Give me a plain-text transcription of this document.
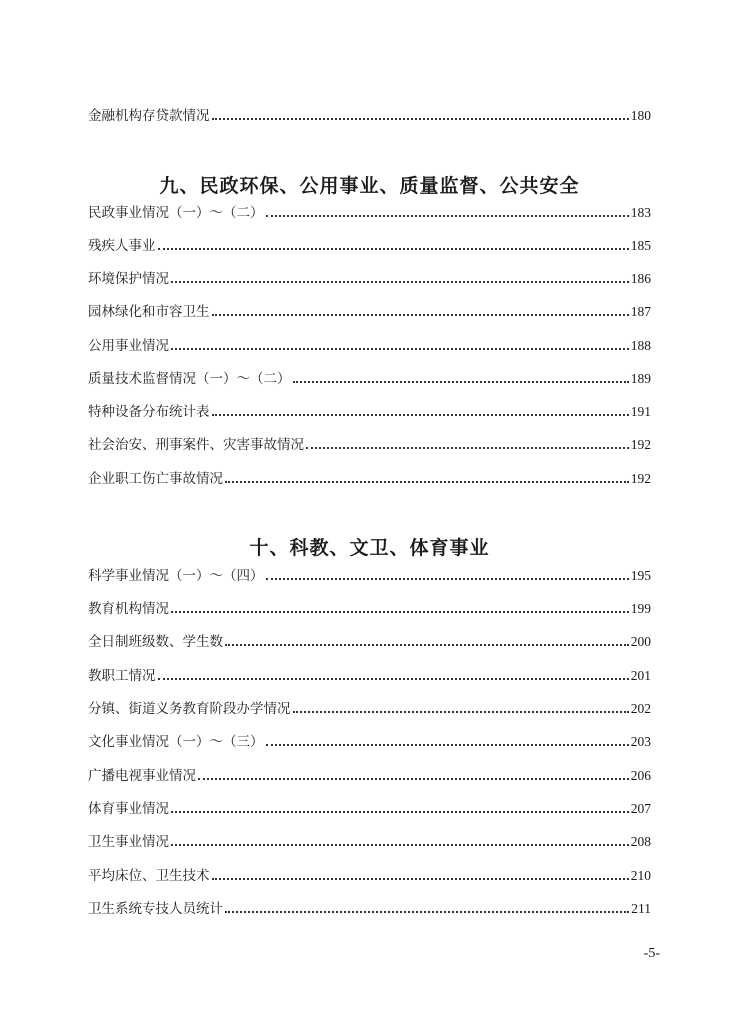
金融机构存贷款情况	180
九、民政环保、公用事业、质量监督、公共安全
民政事业情况（一）～（二）	183
残疾人事业	185
环境保护情况	186
园林绿化和市容卫生	187
公用事业情况	188
质量技术监督情况（一）～（二）	189
特种设备分布统计表	191
社会治安、刑事案件、灾害事故情况	192
企业职工伤亡事故情况	192
十、科教、文卫、体育事业
科学事业情况（一）～（四）	195
教育机构情况	199
全日制班级数、学生数	200
教职工情况	201
分镇、街道义务教育阶段办学情况	202
文化事业情况（一）～（三）	203
广播电视事业情况	206
体育事业情况	207
卫生事业情况	208
平均床位、卫生技术	210
卫生系统专技人员统计	211
-5-
